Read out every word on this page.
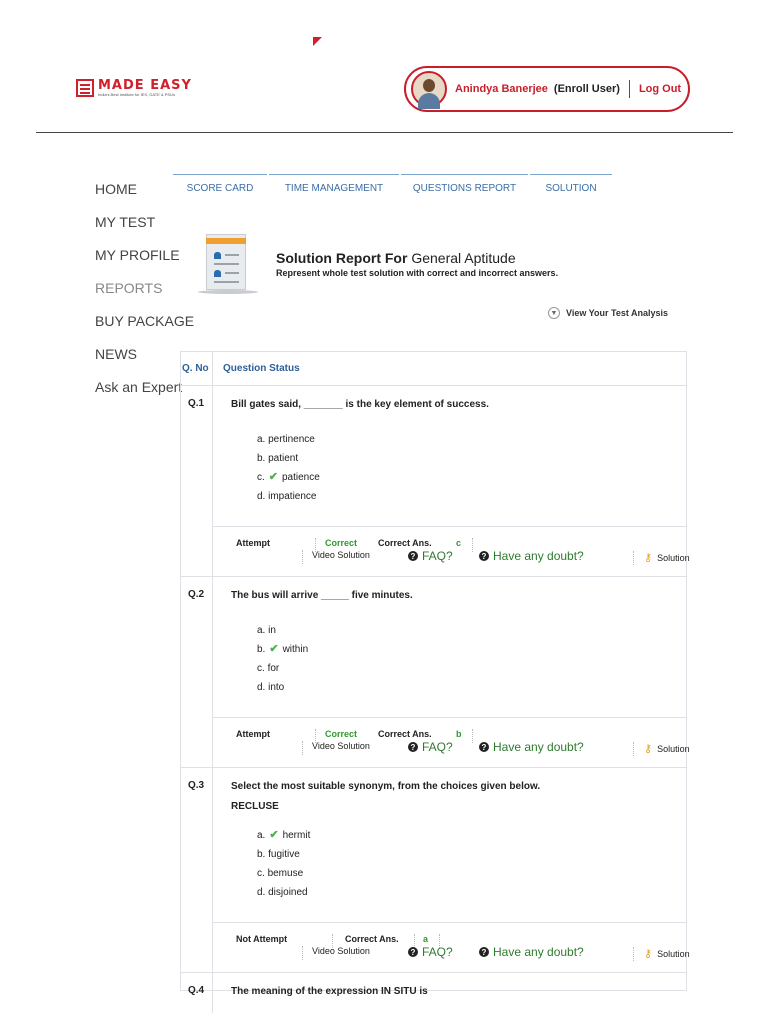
MADE EASY
India's Best Institute for IES, GATE & PSUs	Anindya Banerjee (Enroll User) Log Out
HOME
MY TEST
MY PROFILE
REPORTS
BUY PACKAGE
NEWS
Ask an Expert
SCORE CARD	TIME MANAGEMENT	QUESTIONS REPORT	SOLUTION
Solution Report For General Aptitude
Represent whole test solution with correct and incorrect answers.
▼ View Your Test Analysis
Q. No	Question Status
Q.1	Bill gates said, _______ is the key element of success.
a.
pertinence
b.
patient
c. ✔ patience
d.
impatience
Attempt	Correct Correct Ans.	c
Video Solution	? FAQ?	? Have any doubt?	⚷ Solution
Q.2	The bus will arrive _____ five minutes.
a.
in
b. ✔ within
c.
for
d.
into
Attempt	Correct Correct Ans.	b
Video Solution	? FAQ?	? Have any doubt?	⚷ Solution
Q.3	Select the most suitable synonym, from the choices given below.
RECLUSE
a. ✔ hermit
b.
fugitive
c.
bemuse
d.
disjoined
Not Attempt	Correct Ans.	a
Video Solution	? FAQ?	? Have any doubt?	⚷ Solution
Q.4	The meaning of the expression IN SITU is
